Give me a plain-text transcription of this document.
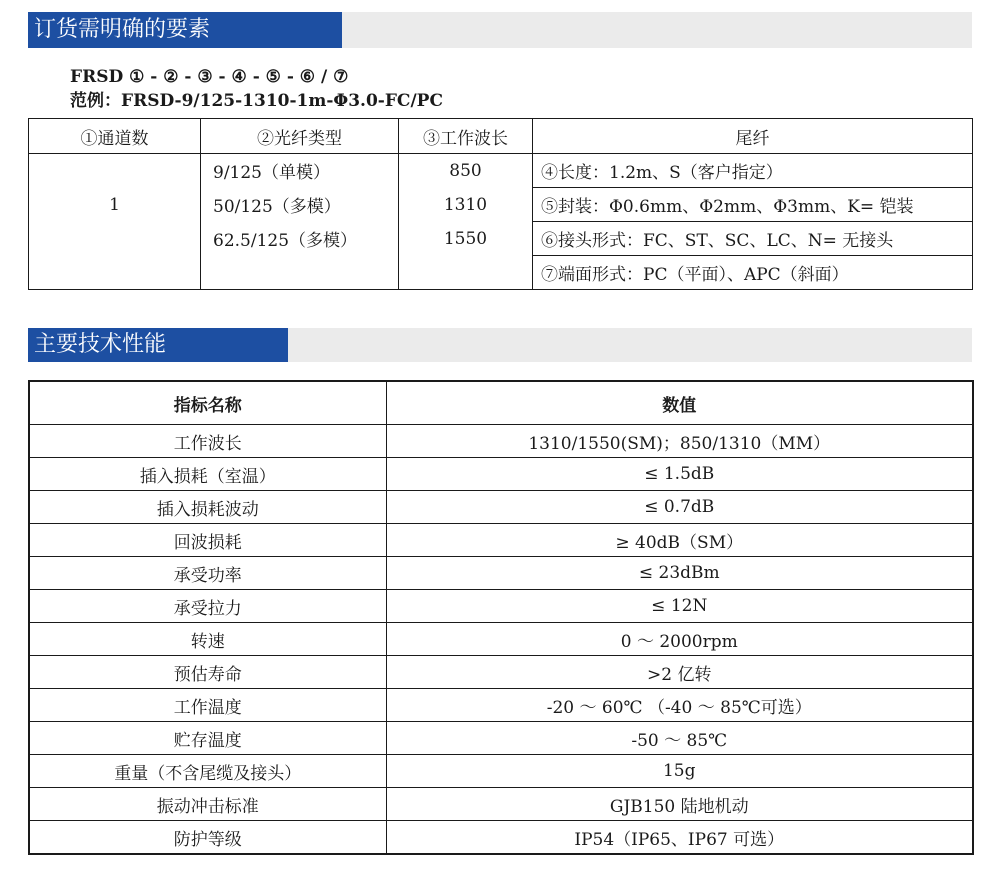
订货需明确的要素
FRSD ① - ② - ③ - ④ - ⑤ - ⑥ / ⑦
范例：FRSD-9/125-1310-1m-Φ3.0-FC/PC
①通道数	②光纤类型	③工作波长	尾纤
1	9/125（单模）	850	④长度：1.2m、S（客户指定）
	50/125（多模）	1310	⑤封装：Φ0.6mm、Φ2mm、Φ3mm、K= 铠装
	62.5/125（多模）	1550	⑥接头形式：FC、ST、SC、LC、N= 无接头
			⑦端面形式：PC（平面）、APC（斜面）
主要技术性能
指标名称	数值
工作波长	1310/1550(SM)；850/1310（MM）
插入损耗（室温）	≤ 1.5dB
插入损耗波动	≤ 0.7dB
回波损耗	≥ 40dB（SM）
承受功率	≤ 23dBm
承受拉力	≤ 12N
转速	0 ～ 2000rpm
预估寿命	>2 亿转
工作温度	-20 ～ 60℃ （-40 ～ 85℃可选）
贮存温度	-50 ～ 85℃
重量（不含尾缆及接头）	15g
振动冲击标准	GJB150 陆地机动
防护等级	IP54（IP65、IP67 可选）
